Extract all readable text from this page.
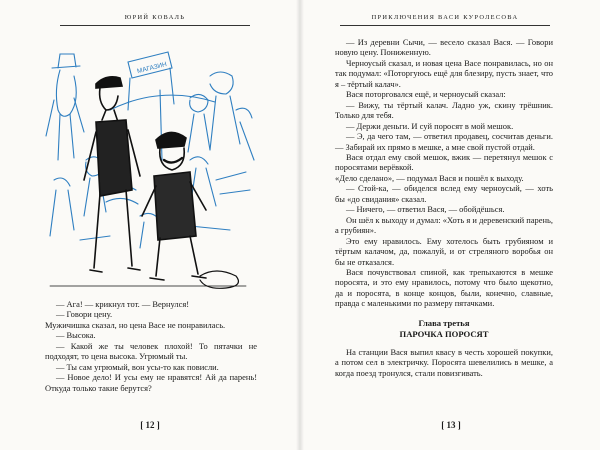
ЮРИЙ КОВАЛЬ	ПРИКЛЮЧЕНИЯ ВАСИ КУРОЛЕСОВА
МАГАЗИН

— Ага! — крикнул тот. — Вернулся!

— Говори цену.

Мужичишка сказал, но цена Васе не понравилась.

— Высока.

— Какой же ты человек плохой! То пятачки не подходят, то цена высока. Угрюмый ты.

— Ты сам угрюмый, вон усы-то как повисли.

— Новое дело! И усы ему не нравятся! Ай да парень! Откуда только такие берутся?

— Из деревни Сычи, — весело сказал Вася. — Говори новую цену. Пониженную.

Черноусый сказал, и новая цена Васе понравилась, но он так подумал: «Поторгуюсь ещё для блезиру, пусть знает, что я – тёртый калач».

Вася поторговался ещё, и черноусый сказал:

— Вижу, ты тёртый калач. Ладно уж, скину трёшник. Только для тебя.

— Держи деньги. И суй поросят в мой мешок.

— Э, да чего там, — ответил продавец, сосчитав деньги. — Забирай их прямо в мешке, а мне свой пустой отдай.

Вася отдал ему свой мешок, вжик — перетянул мешок с поросятами верёвкой.

«Дело сделано», — подумал Вася и пошёл к выходу.

— Стой-ка, — обиделся вслед ему черноусый, — хоть бы «до свидания» сказал.

— Ничего, — ответил Вася, — обойдёшься.

Он шёл к выходу и думал: «Хоть я и деревенский парень, а грубиян».

Это ему нравилось. Ему хотелось быть грубияном и тёртым калачом, да, пожалуй, и от стреляного воробья он бы не отказался.

Вася почувствовал спиной, как трепыхаются в мешке поросята, и это ему нравилось, потому что было щекотно, да и поросята, в конце концов, были, конечно, славные, правда с маленькими по размеру пятачками.

Глава третья
ПАРОЧКА ПОРОСЯТ

На станции Вася выпил квасу в честь хорошей покупки, а потом сел в электричку. Поросята шевелились в мешке, а когда поезд тронулся, стали повизгивать.

[ 12 ]	[ 13 ]
